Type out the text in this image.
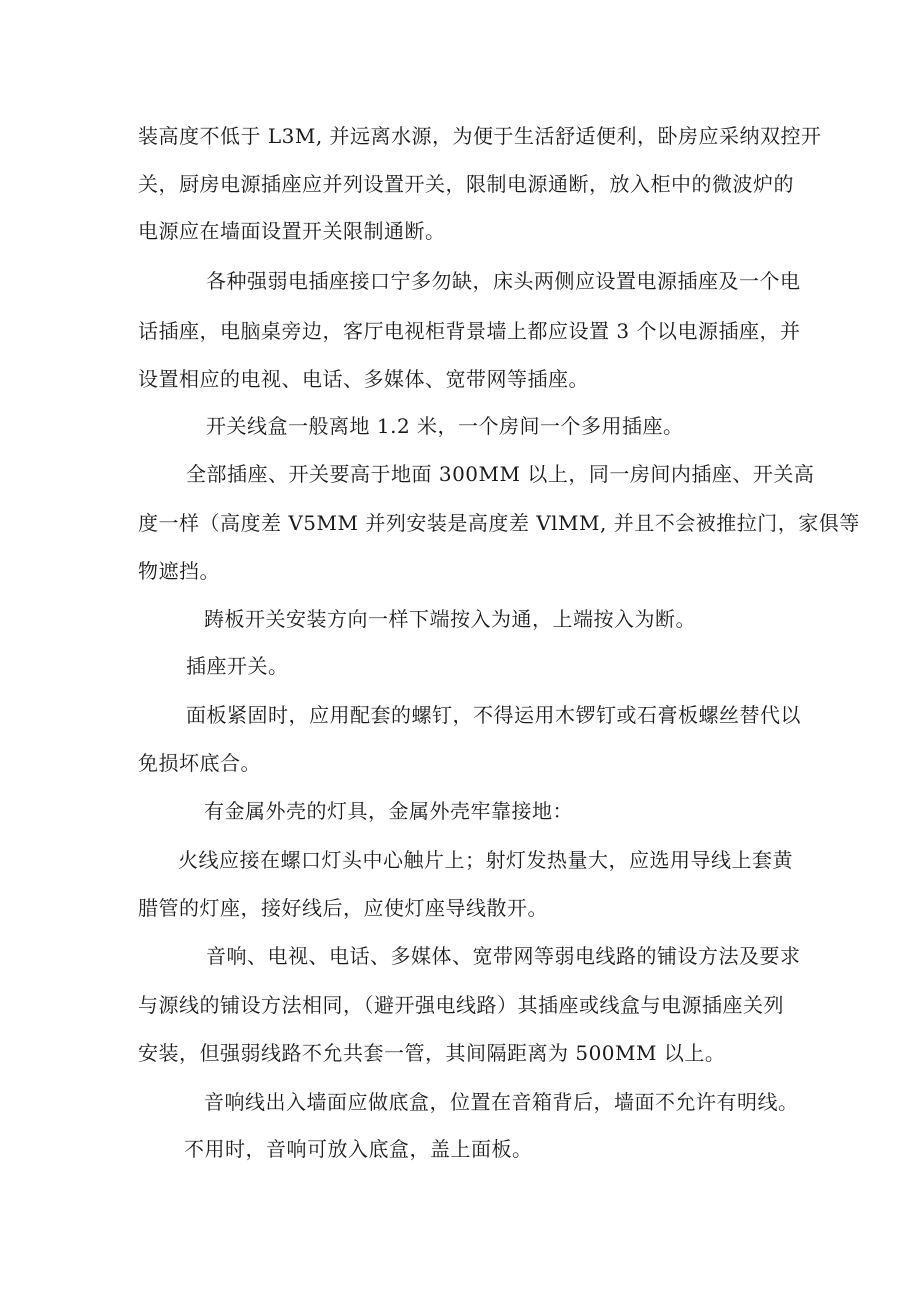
装高度不低于 L3M, 并远离水源，为便于生活舒适便利，卧房应采纳双控开
关，厨房电源插座应并列设置开关，限制电源通断，放入柜中的微波炉的
电源应在墙面设置开关限制通断。
各种强弱电插座接口宁多勿缺，床头两侧应设置电源插座及一个电
话插座，电脑桌旁边，客厅电视柜背景墙上都应设置 3 个以电源插座，并
设置相应的电视、电话、多媒体、宽带网等插座。
开关线盒一般离地 1.2 米，一个房间一个多用插座。
全部插座、开关要高于地面 300MM 以上，同一房间内插座、开关高
度一样（高度差 V5MM 并列安装是高度差 VlMM, 并且不会被推拉门，家俱等
物遮挡。
踌板开关安装方向一样下端按入为通，上端按入为断。
插座开关。
面板紧固时，应用配套的螺钉，不得运用木锣钉或石膏板螺丝替代以
免损坏底合。
有金属外壳的灯具，金属外壳牢靠接地：
火线应接在螺口灯头中心触片上；射灯发热量大，应选用导线上套黄
腊管的灯座，接好线后，应使灯座导线散开。
音响、电视、电话、多媒体、宽带网等弱电线路的铺设方法及要求
与源线的铺设方法相同，（避开强电线路）其插座或线盒与电源插座关列
安装，但强弱线路不允共套一管，其间隔距离为 500MM 以上。
音响线出入墙面应做底盒，位置在音箱背后，墙面不允许有明线。
不用时，音响可放入底盒，盖上面板。
